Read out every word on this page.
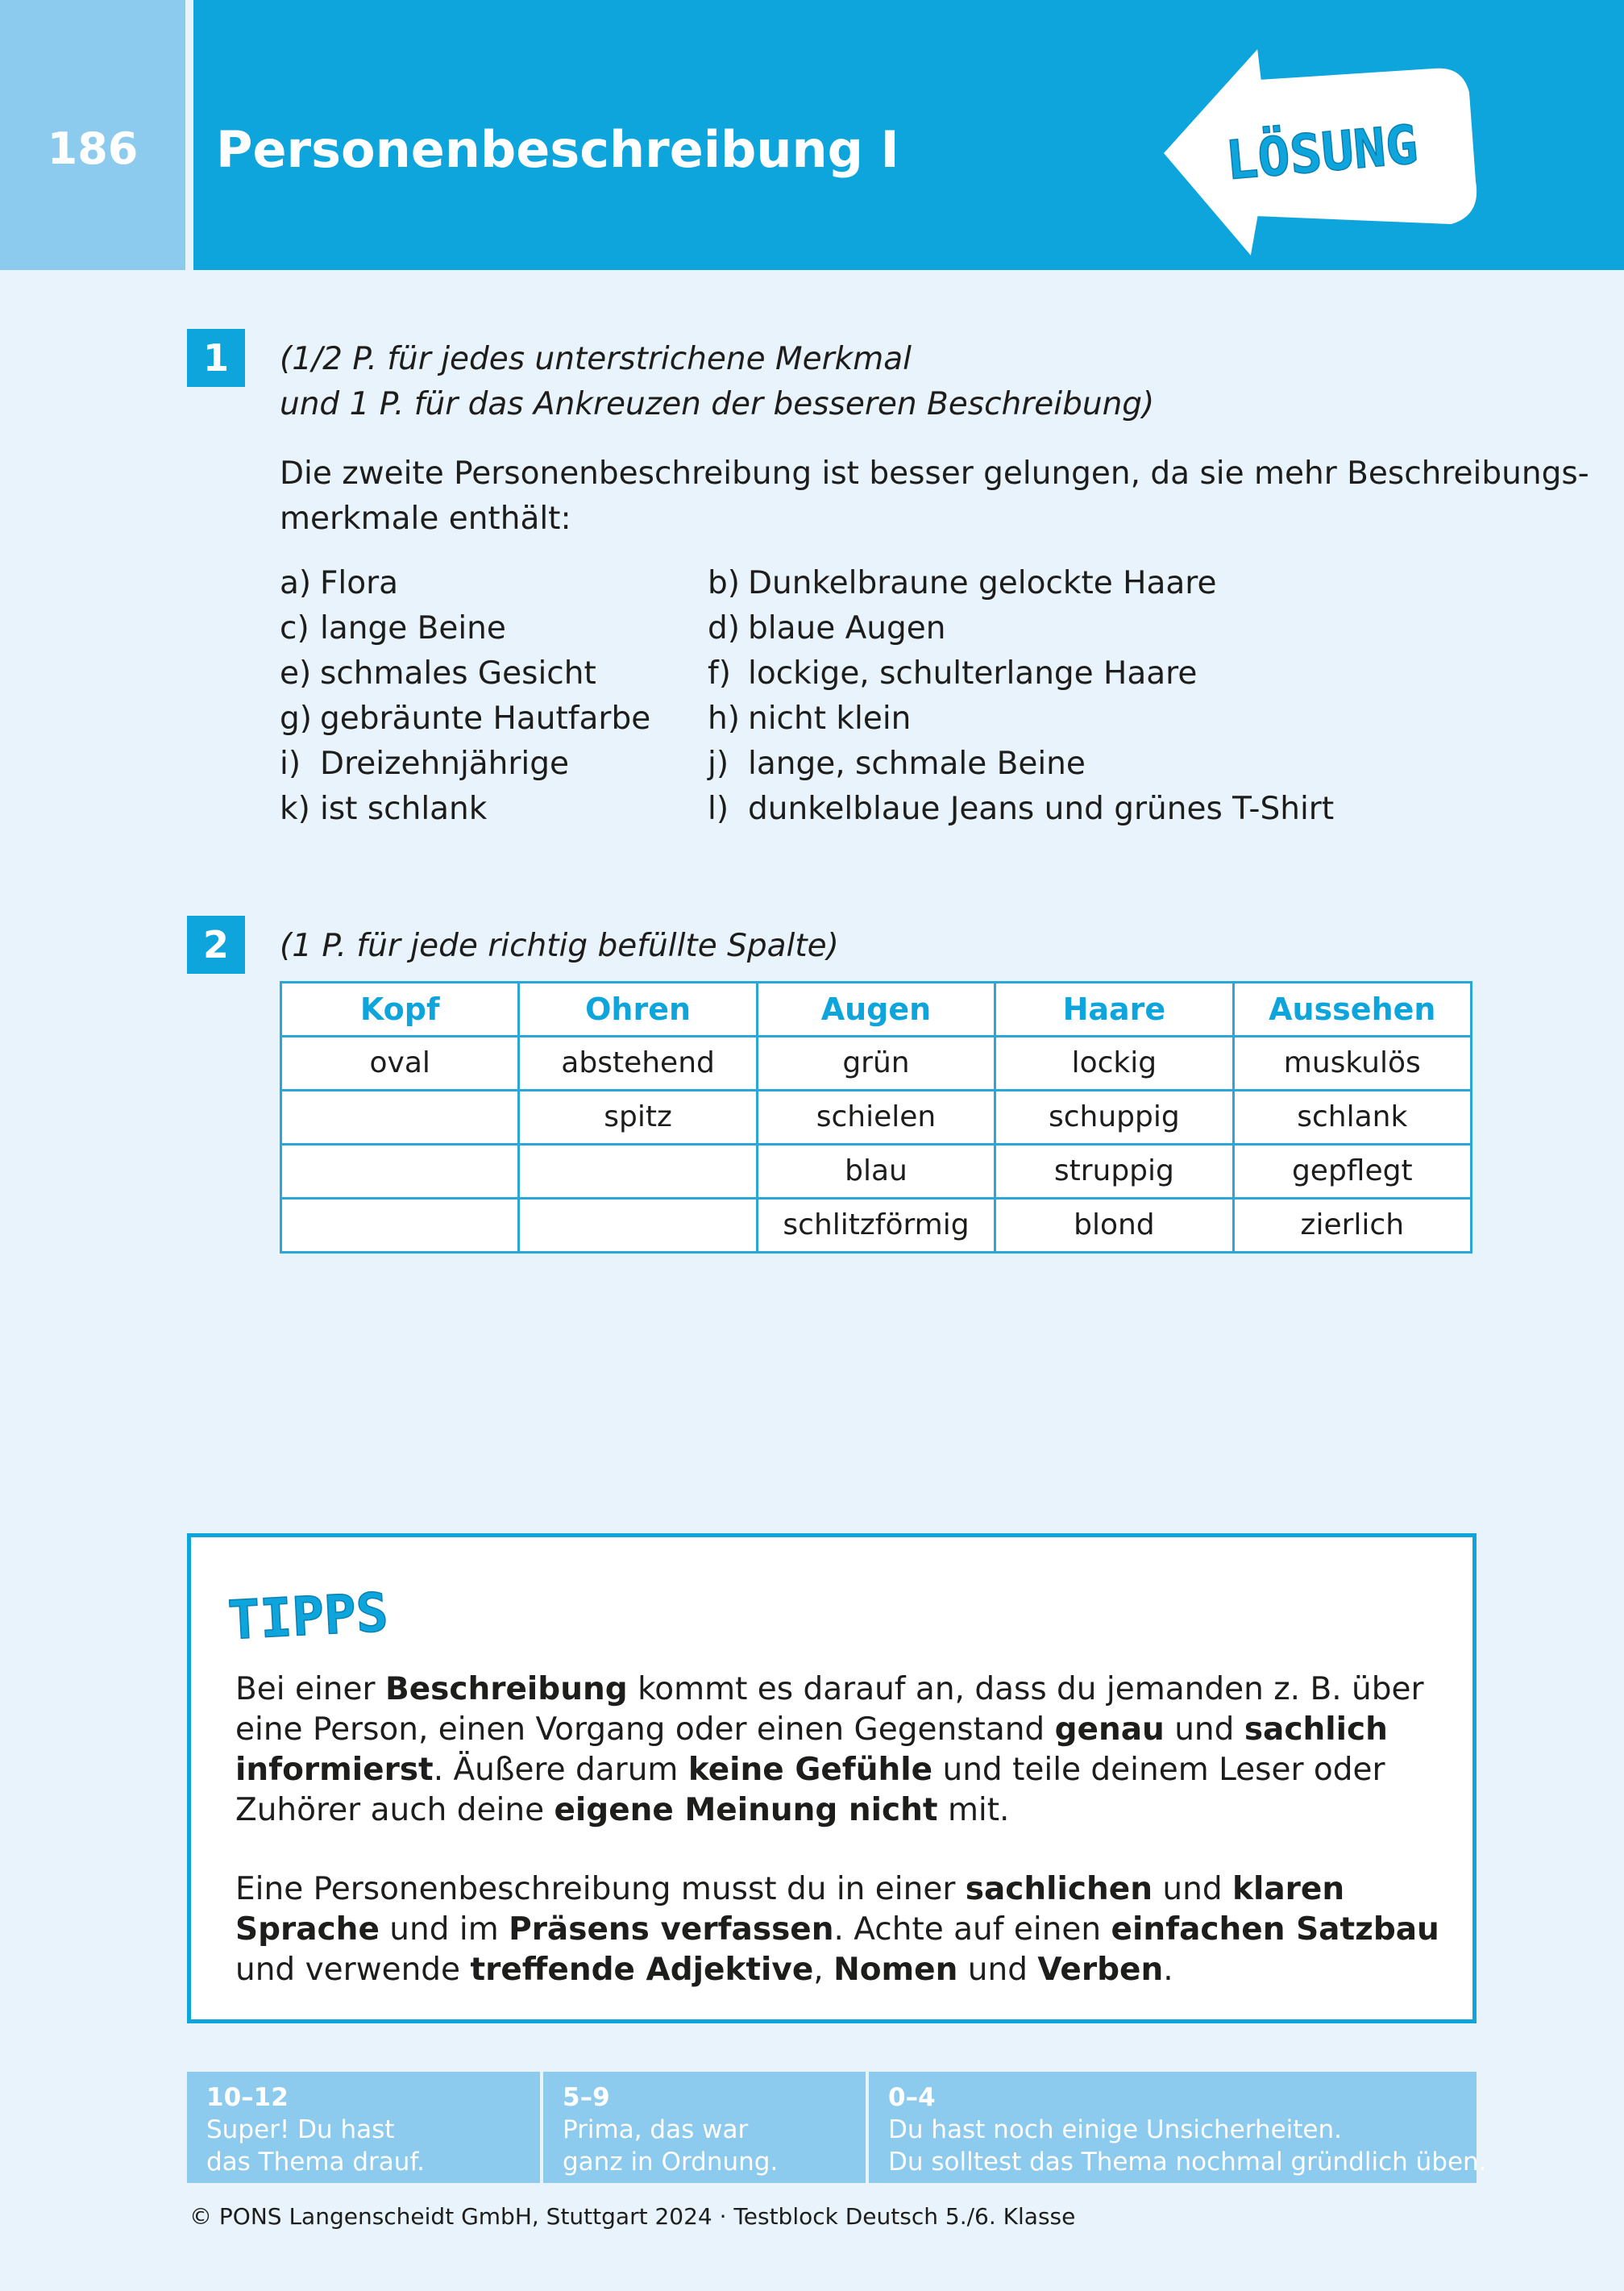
186	Personenbeschreibung I	LÖSUNG
1	(1/2 P. für jedes unterstrichene Merkmal
und 1 P. für das Ankreuzen der besseren Beschreibung)
Die zweite Personenbeschreibung ist besser gelungen, da sie mehr Beschreibungs-
merkmale enthält:
a) Flora
c) lange Beine
e) schmales Gesicht
g) gebräunte Hautfarbe
i) Dreizehnjährige
k) ist schlank
b) Dunkelbraune gelockte Haare
d) blaue Augen
f) lockige, schulterlange Haare
h) nicht klein
j) lange, schmale Beine
l) dunkelblaue Jeans und grünes T-Shirt
2	(1 P. für jede richtig befüllte Spalte)
Kopf	Ohren	Augen	Haare	Aussehen
oval	abstehend	grün	lockig	muskulös
	spitz	schielen	schuppig	schlank
		blau	struppig	gepflegt
		schlitzförmig	blond	zierlich
TIPPS
Bei einer Beschreibung kommt es darauf an, dass du jemanden z. B. über eine Person, einen Vorgang oder einen Gegenstand genau und sachlich informierst. Äußere darum keine Gefühle und teile deinem Leser oder Zuhörer auch deine eigene Meinung nicht mit.
Eine Personenbeschreibung musst du in einer sachlichen und klaren Sprache und im Präsens verfassen. Achte auf einen einfachen Satzbau und verwende treffende Adjektive, Nomen und Verben.
10–12
Super! Du hast
das Thema drauf.
5–9
Prima, das war
ganz in Ordnung.
0–4
Du hast noch einige Unsicherheiten.
Du solltest das Thema nochmal gründlich üben.
© PONS Langenscheidt GmbH, Stuttgart 2024 · Testblock Deutsch 5./6. Klasse
